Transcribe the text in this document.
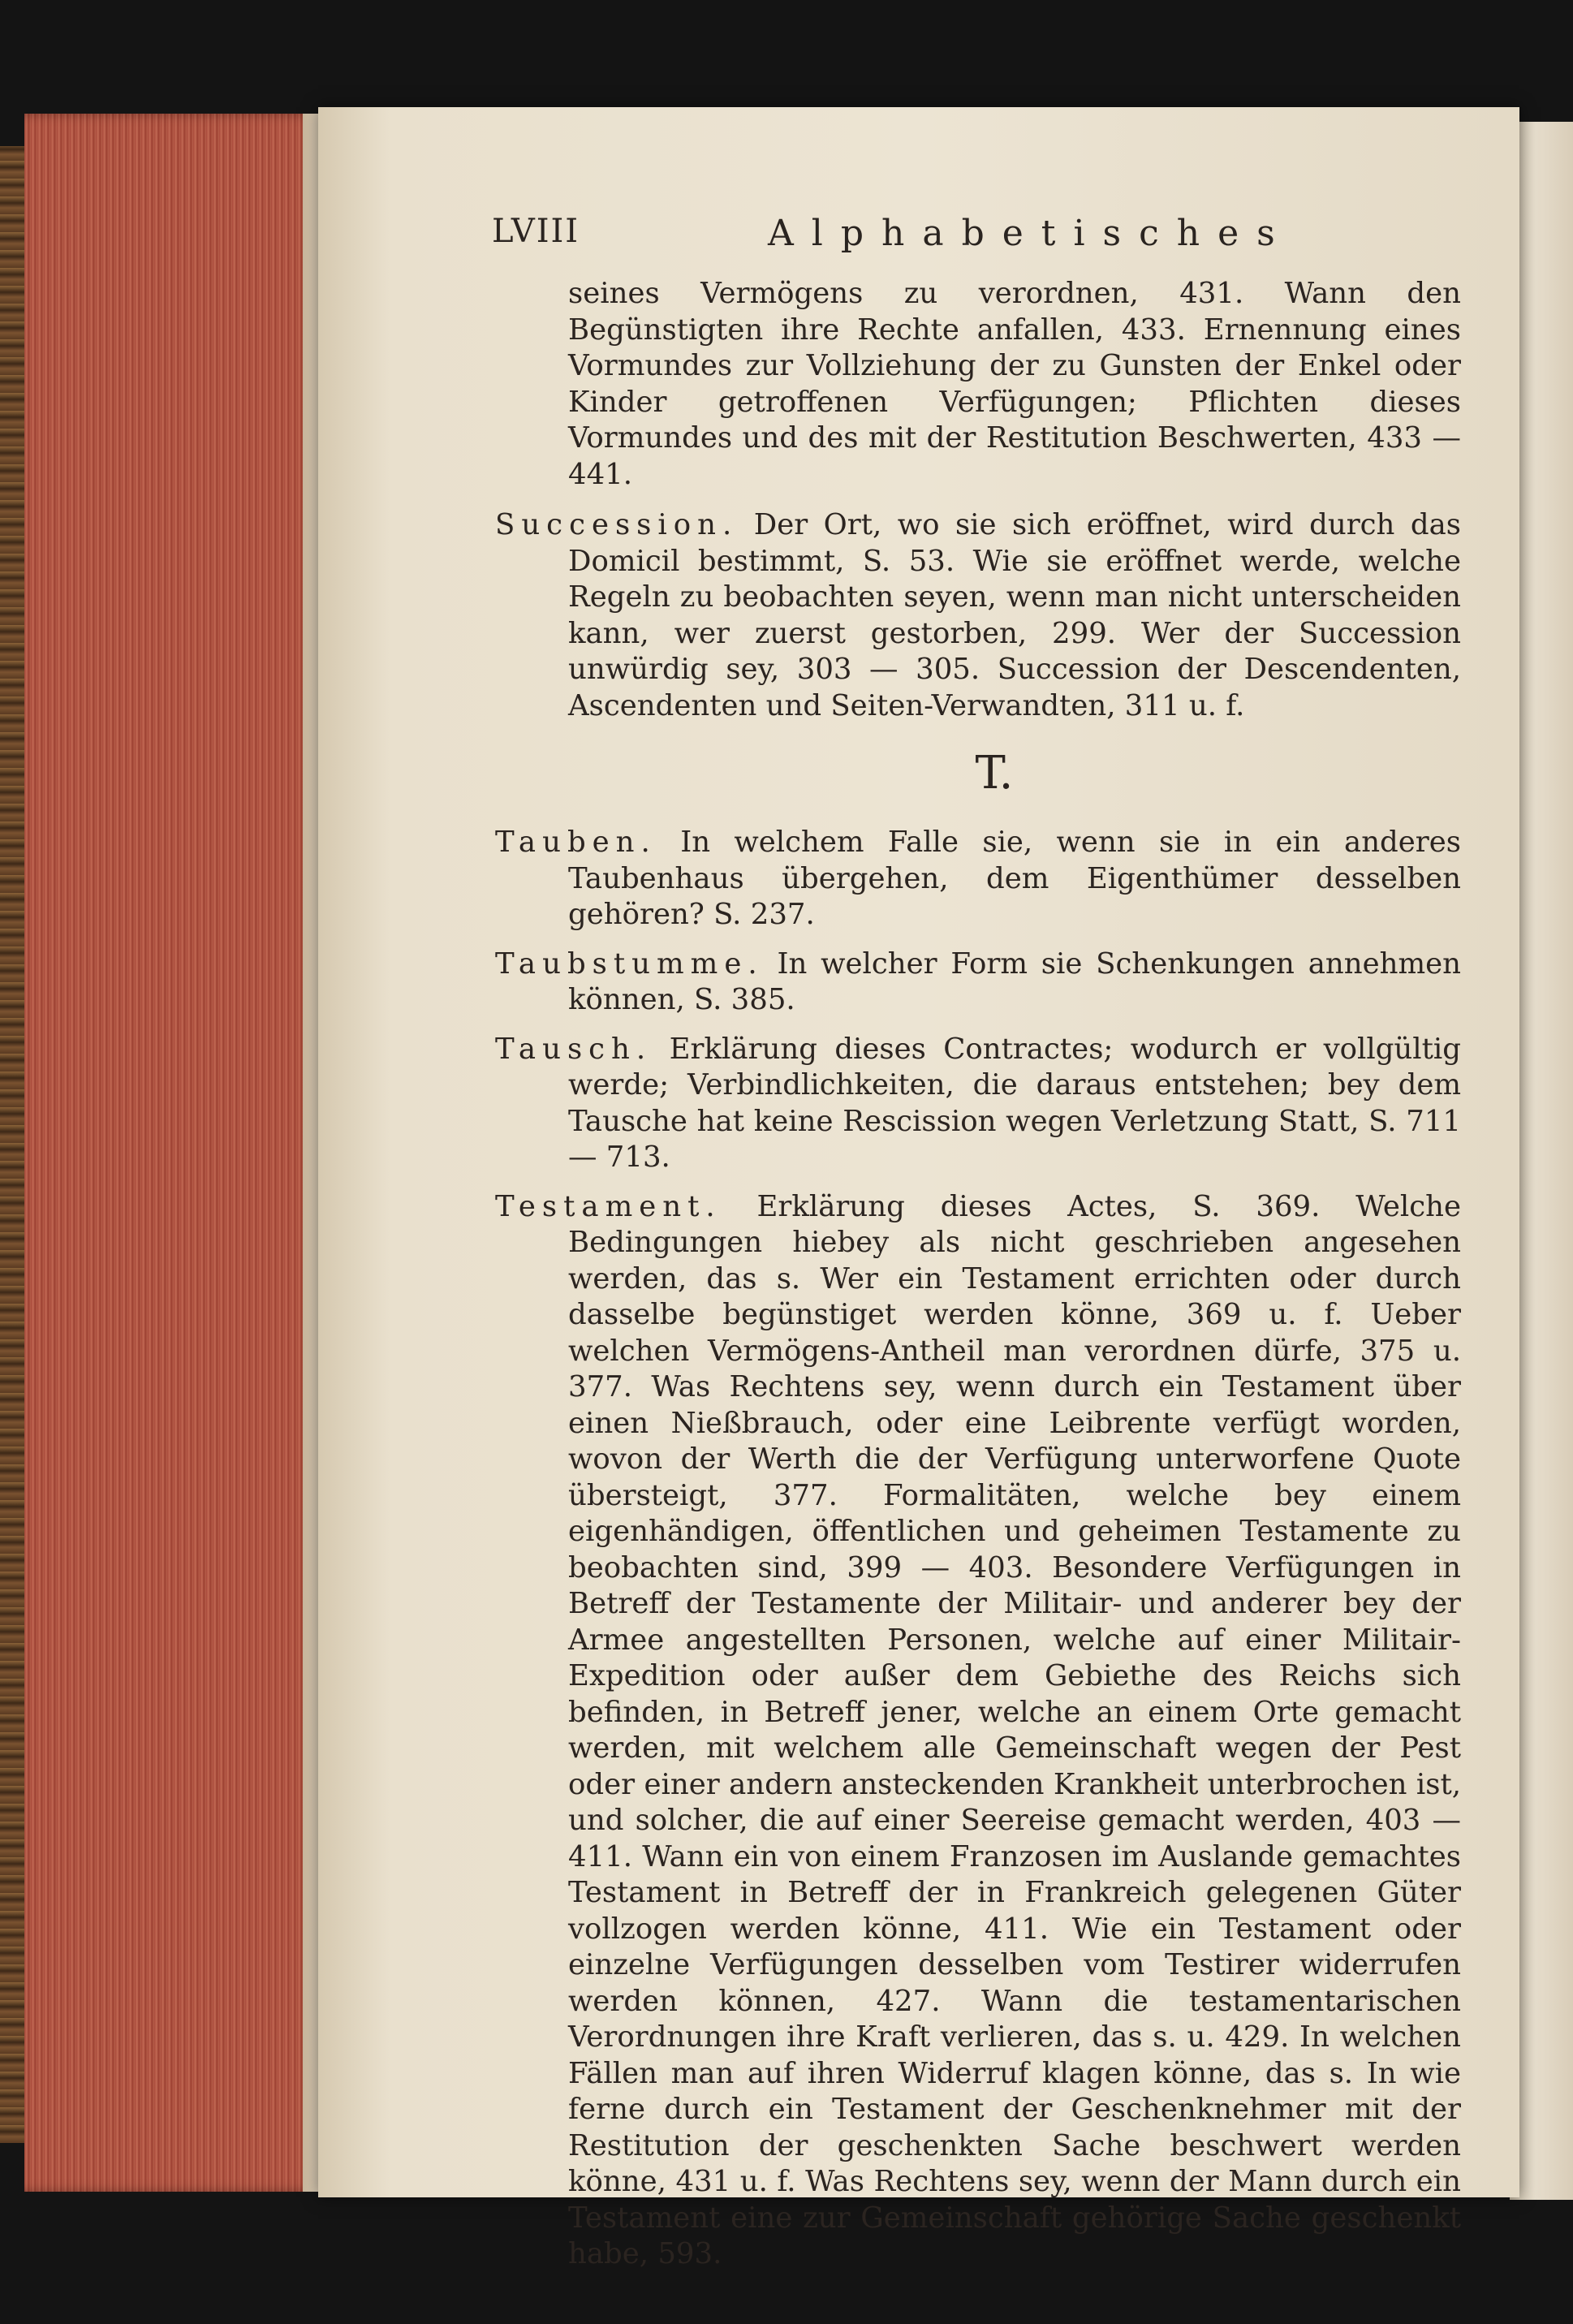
LVIII	Alphabetisches

seines Vermögens zu verordnen, 431. Wann den Begünstigten ihre Rechte anfallen, 433. Ernennung eines Vormundes zur Vollziehung der zu Gunsten der Enkel oder Kinder getroffenen Verfügungen; Pflichten dieses Vormundes und des mit der Restitution Beschwerten, 433 — 441.

Succession. Der Ort, wo sie sich eröffnet, wird durch das Domicil bestimmt, S. 53. Wie sie eröffnet werde, welche Regeln zu beobachten seyen, wenn man nicht unterscheiden kann, wer zuerst gestorben, 299. Wer der Succession unwürdig sey, 303 — 305. Succession der Descendenten, Ascendenten und Seiten-Verwandten, 311 u. f.

T.

Tauben. In welchem Falle sie, wenn sie in ein anderes Taubenhaus übergehen, dem Eigenthümer desselben gehören? S. 237.

Taubstumme. In welcher Form sie Schenkungen annehmen können, S. 385.

Tausch. Erklärung dieses Contractes; wodurch er vollgültig werde; Verbindlichkeiten, die daraus entstehen; bey dem Tausche hat keine Rescission wegen Verletzung Statt, S. 711 — 713.

Testament. Erklärung dieses Actes, S. 369. Welche Bedingungen hiebey als nicht geschrieben angesehen werden, das s. Wer ein Testament errichten oder durch dasselbe begünstiget werden könne, 369 u. f. Ueber welchen Vermögens-Antheil man verordnen dürfe, 375 u. 377. Was Rechtens sey, wenn durch ein Testament über einen Nießbrauch, oder eine Leibrente verfügt worden, wovon der Werth die der Verfügung unterworfene Quote übersteigt, 377. Formalitäten, welche bey einem eigenhändigen, öffentlichen und geheimen Testamente zu beobachten sind, 399 — 403. Besondere Verfügungen in Betreff der Testamente der Militair- und anderer bey der Armee angestellten Personen, welche auf einer Militair-Expedition oder außer dem Gebiethe des Reichs sich befinden, in Betreff jener, welche an einem Orte gemacht werden, mit welchem alle Gemeinschaft wegen der Pest oder einer andern ansteckenden Krankheit unterbrochen ist, und solcher, die auf einer Seereise gemacht werden, 403 — 411. Wann ein von einem Franzosen im Auslande gemachtes Testament in Betreff der in Frankreich gelegenen Güter vollzogen werden könne, 411. Wie ein Testament oder einzelne Verfügungen desselben vom Testirer widerrufen werden können, 427. Wann die testamentarischen Verordnungen ihre Kraft verlieren, das s. u. 429. In welchen Fällen man auf ihren Widerruf klagen könne, das s. In wie ferne durch ein Testament der Geschenknehmer mit der Restitution der geschenkten Sache beschwert werden könne, 431 u. f. Was Rechtens sey, wenn der Mann durch ein Testament eine zur Gemeinschaft gehörige Sache geschenkt habe, 593.
